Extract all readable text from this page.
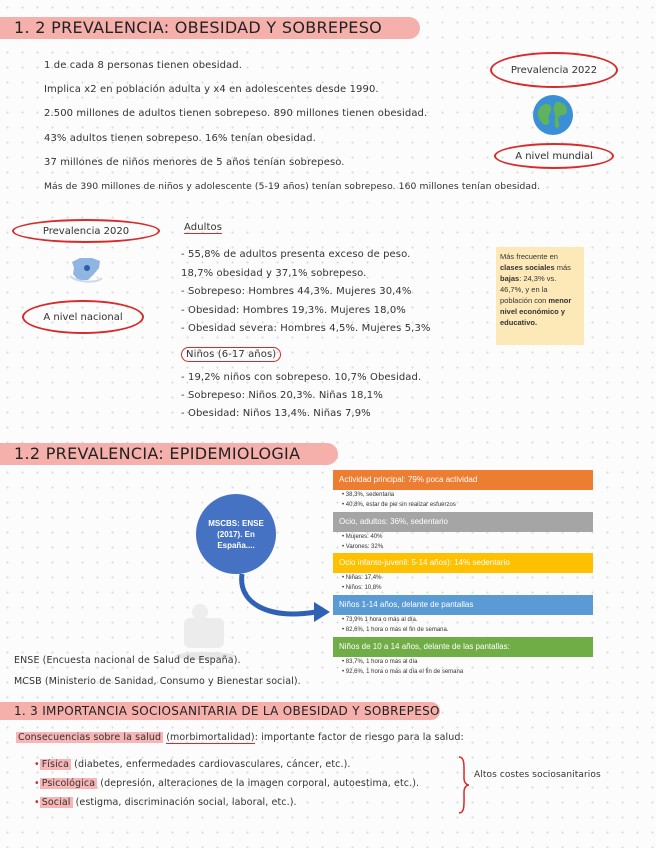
1. 2 PREVALENCIA: OBESIDAD Y SOBREPESO
1 de cada 8 personas tienen obesidad.
Implica x2 en población adulta y x4 en adolescentes desde 1990.
2.500 millones de adultos tienen sobrepeso. 890 millones tienen obesidad.
43% adultos tienen sobrepeso. 16% tenían obesidad.
37 millones de niños menores de 5 años tenían sobrepeso.
Más de 390 millones de niños y adolescente (5-19 años) tenían sobrepeso. 160 millones tenían obesidad.
Prevalencia 2022
A nivel mundial
Prevalencia 2020
A nivel nacional
Adultos
- 55,8% de adultos presenta exceso de peso.
18,7% obesidad y 37,1% sobrepeso.
- Sobrepeso: Hombres 44,3%. Mujeres 30,4%
- Obesidad: Hombres 19,3%. Mujeres 18,0%
- Obesidad severa: Hombres 4,5%. Mujeres 5,3%
Niños (6-17 años)
- 19,2% niños con sobrepeso. 10,7% Obesidad.
- Sobrepeso: Niños 20,3%. Niñas 18,1%
- Obesidad: Niños 13,4%. Niñas 7,9%
Más frecuente en clases sociales más bajas: 24,3% vs. 46,7%, y en la población con menor nivel económico y educativo.
1.2 PREVALENCIA: EPIDEMIOLOGIA
MSCBS: ENSE (2017). En España....
ENSE (Encuesta nacional de Salud de España).
MCSB (Ministerio de Sanidad, Consumo y Bienestar social).
Actividad principal: 79% poca actividad
• 38,3%, sedentaria
• 40,8%, estar de pie sin realizar esfuerzos
Ocio, adultos: 36%, sedentario
• Mujeres: 40%
• Varones: 32%
Ocio infanto-juvenil: 5-14 años): 14% sedentario
• Niñas: 17,4%
• Niños: 10,8%
Niños 1-14 años, delante de pantallas
• 73,9% 1 hora o más al día.
• 82,6%, 1 hora o más el fin de semana.
Niños de 10 a 14 años, delante de las pantallas:
• 83,7%, 1 hora o más al día
• 92,6%, 1 hora o más al día el fin de semana
1. 3 IMPORTANCIA SOCIOSANITARIA DE LA OBESIDAD Y SOBREPESO
Consecuencias sobre la salud (morbimortalidad): importante factor de riesgo para la salud:
• Física (diabetes, enfermedades cardiovasculares, cáncer, etc.).
• Psicológica (depresión, alteraciones de la imagen corporal, autoestima, etc.).
• Social (estigma, discriminación social, laboral, etc.).
Altos costes sociosanitarios
